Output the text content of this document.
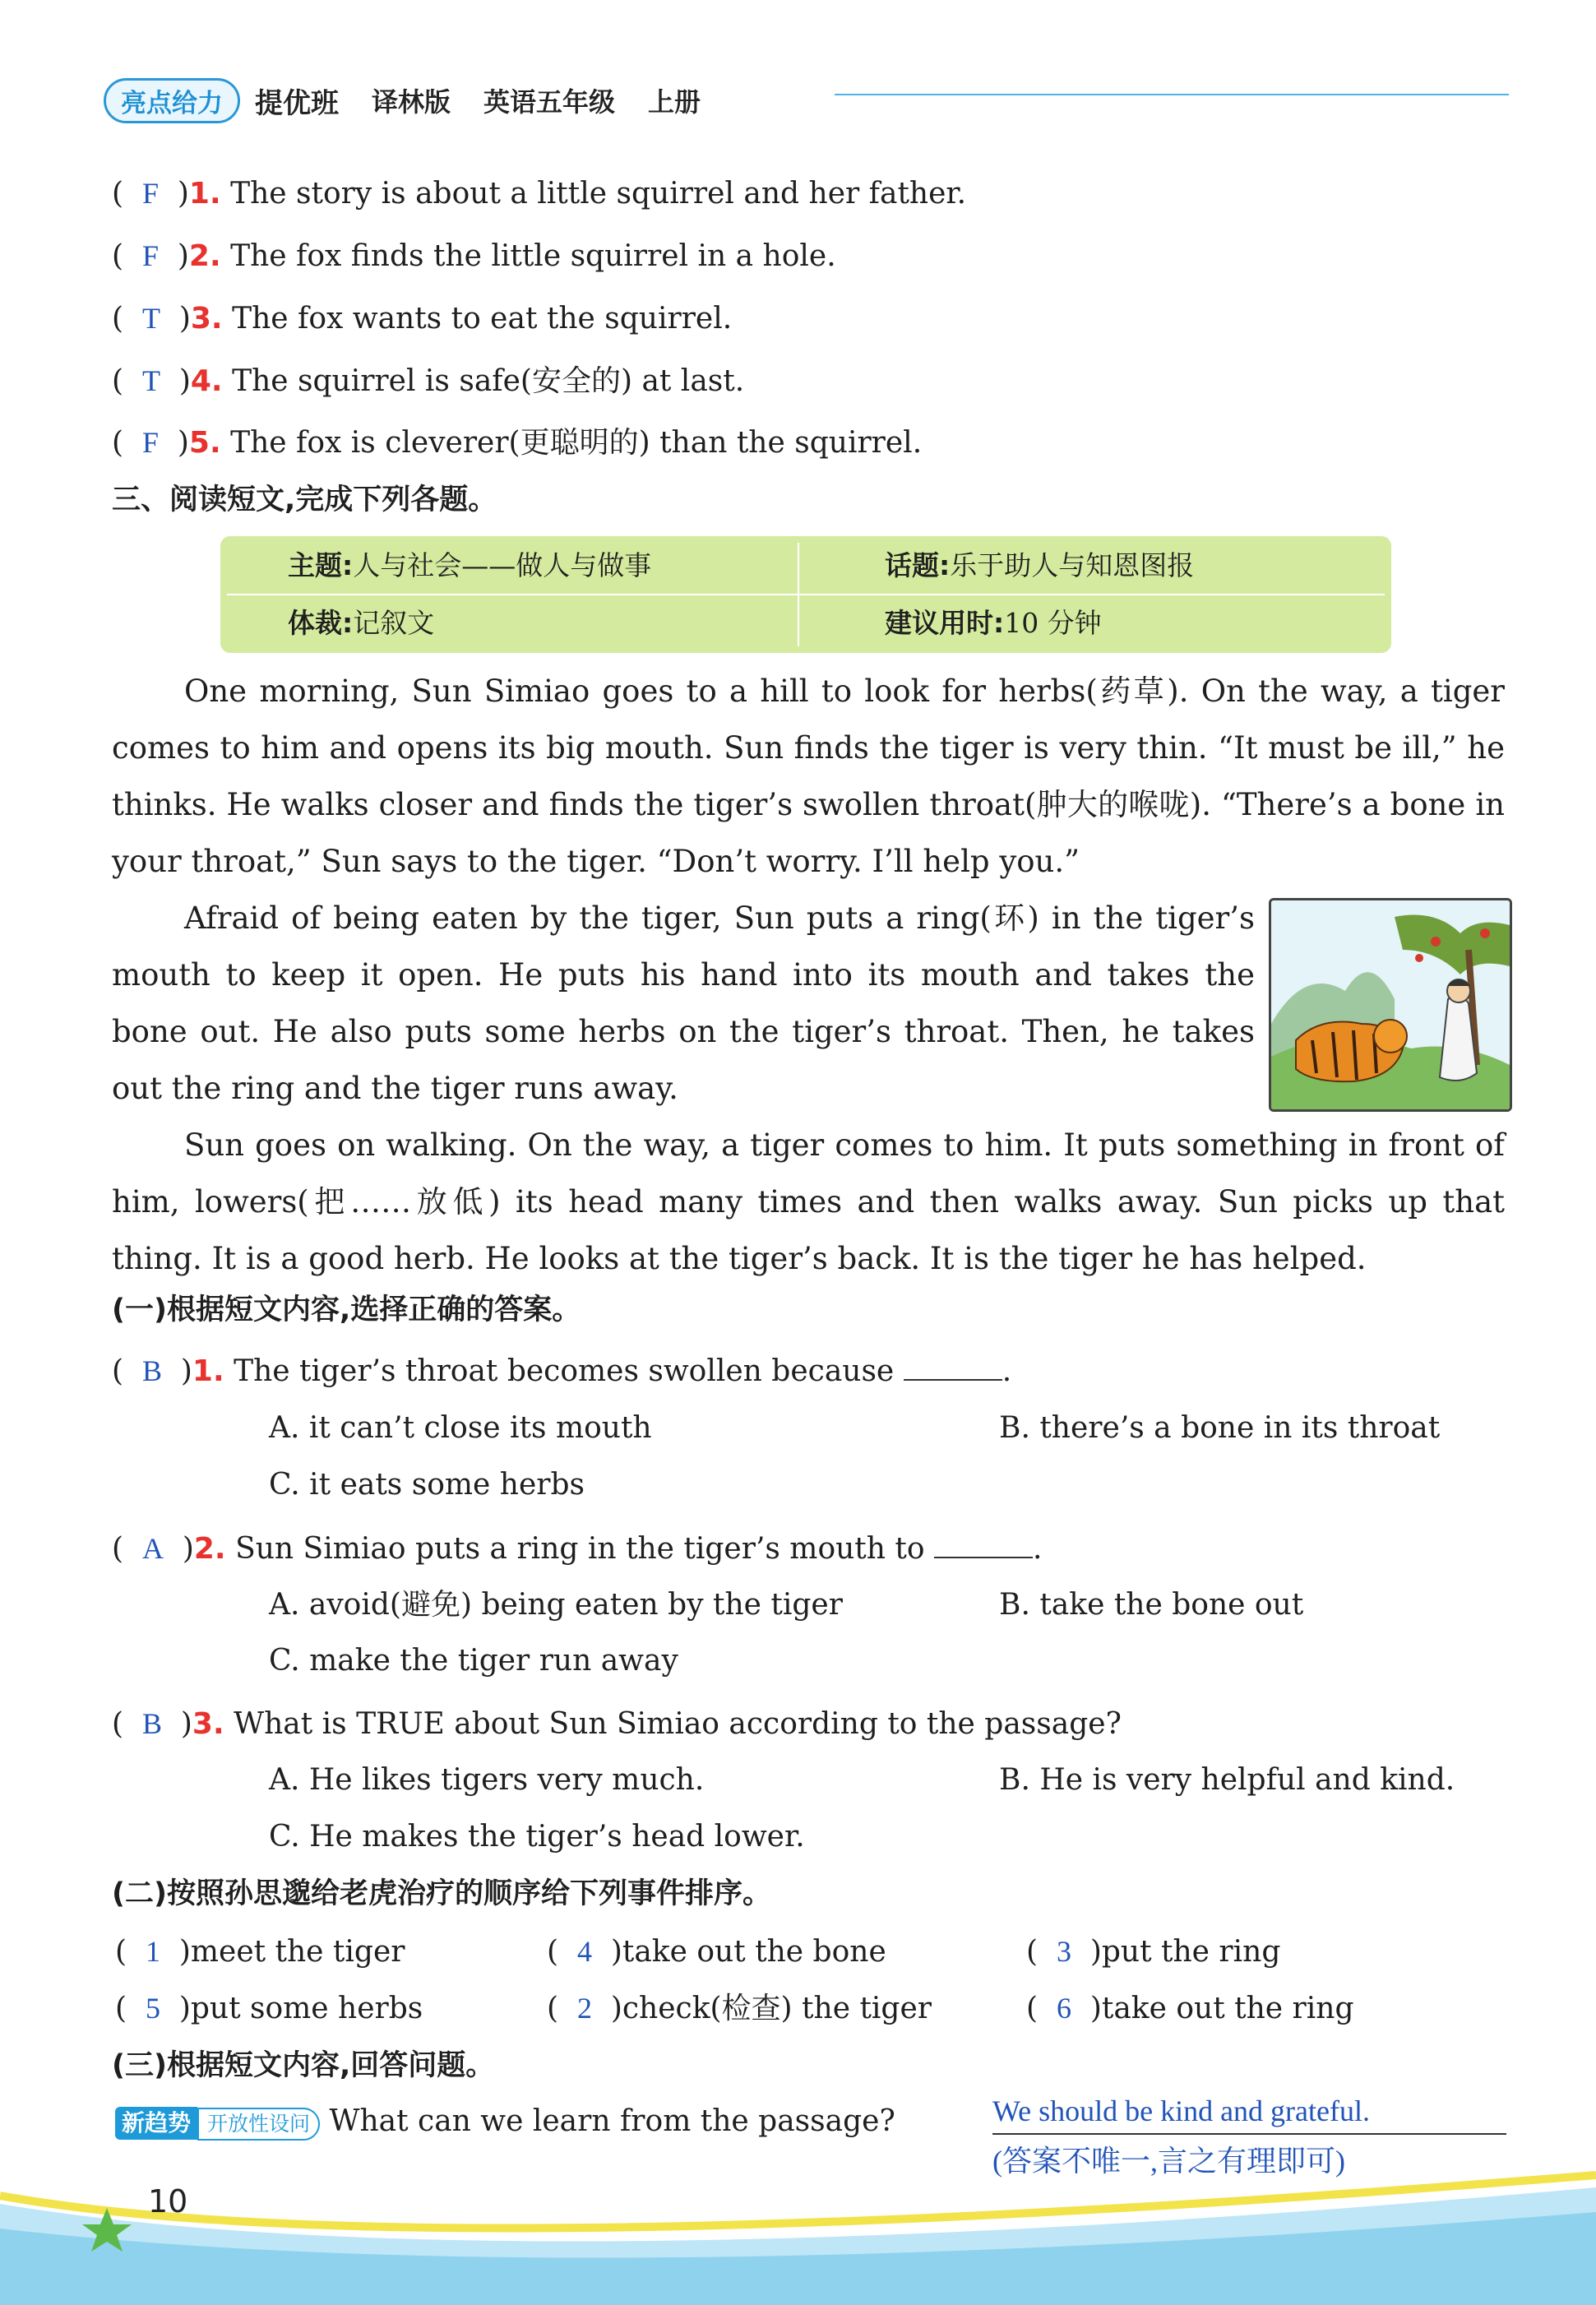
亮点给力	提优班 译林版 英语五年级 上册
(  F  )1. The story is about a little squirrel and her father.
(  F  )2. The fox finds the little squirrel in a hole.
(  T  )3. The fox wants to eat the squirrel.
(  T  )4. The squirrel is safe(安全的) at last.
(  F  )5. The fox is cleverer(更聪明的) than the squirrel.
三、阅读短文,完成下列各题。
主题:人与社会——做人与做事	话题:乐于助人与知恩图报
体裁:记叙文	建议用时:10 分钟
One morning, Sun Simiao goes to a hill to look for herbs(药草). On the way, a tiger comes to him and opens its big mouth. Sun finds the tiger is very thin. “It must be ill,” he thinks. He walks closer and finds the tiger’s swollen throat(肿大的喉咙). “There’s a bone in your throat,” Sun says to the tiger. “Don’t worry. I’ll help you.”
Afraid of being eaten by the tiger, Sun puts a ring(环) in the tiger’s mouth to keep it open. He puts his hand into its mouth and takes the bone out. He also puts some herbs on the tiger’s throat. Then, he takes out the ring and the tiger runs away.
Sun goes on walking. On the way, a tiger comes to him. It puts something in front of him, lowers(把……放低) its head many times and then walks away. Sun picks up that thing. It is a good herb. He looks at the tiger’s back. It is the tiger he has helped.
(一)根据短文内容,选择正确的答案。
(  B  )1. The tiger’s throat becomes swollen because	.
A. it can’t close its mouth	B. there’s a bone in its throat
C. it eats some herbs
(  A  )2. Sun Simiao puts a ring in the tiger’s mouth to	.
A. avoid(避免) being eaten by the tiger	B. take the bone out
C. make the tiger run away
(  B  )3. What is TRUE about Sun Simiao according to the passage?
A. He likes tigers very much.	B. He is very helpful and kind.
C. He makes the tiger’s head lower.
(二)按照孙思邈给老虎治疗的顺序给下列事件排序。
(  1  )meet the tiger	(  4  )take out the bone	(  3  )put the ring
(  5  )put some herbs	(  2  )check(检查) the tiger	(  6  )take out the ring
(三)根据短文内容,回答问题。
新趋势 开放性设问 What can we learn from the passage?	We should be kind and grateful.
(答案不唯一,言之有理即可)
10
